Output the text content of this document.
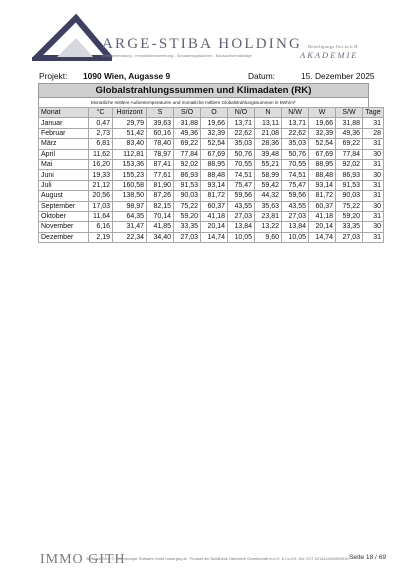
ARGE-STIBA HOLDING Beteiligungs Ges.m.b.H.
Energieberatung - Immobilienbewertung - Schadensgutachten - Bausachverständige	AKADEMIE
Projekt: 1090 Wien, Augasse 9	Datum:	15. Dezember 2025
Globalstrahlungssummen und Klimadaten (RK)
Monatliche mittlere Außentemperaturen und monatliche mittlere Globalstrahlungssummen in kWh/m²
Monat	°C	Horizont	S	S/O	O	N/O	N	N/W	W	S/W	Tage
Januar	0,47	29,79	39,63	31,88	19,66	13,71	13,11	13,71	19,66	31,88	31
Februar	2,73	51,42	60,16	49,36	32,39	22,62	21,08	22,62	32,39	49,36	28
März	6,81	83,40	78,40	69,22	52,54	35,03	28,36	35,03	52,54	69,22	31
April	11,62	112,81	78,97	77,84	67,69	50,76	39,48	50,76	67,69	77,84	30
Mai	16,20	153,36	87,41	92,02	88,95	70,55	55,21	70,55	88,95	92,02	31
Juni	19,33	155,23	77,61	86,93	88,48	74,51	58,99	74,51	88,48	86,93	30
Juli	21,12	160,58	81,90	91,53	93,14	75,47	59,42	75,47	93,14	91,53	31
August	20,56	138,50	87,26	90,03	81,72	59,56	44,32	59,56	81,72	90,03	31
September	17,03	98,97	82,15	75,22	60,37	43,55	35,63	43,55	60,37	75,22	30
Oktober	11,64	64,35	70,14	59,20	41,18	27,03	23,81	27,03	41,18	59,20	31
November	6,16	31,47	41,85	33,35	20,14	13,84	13,22	13,84	20,14	33,35	30
Dezember	2,19	22,34	34,40	27,03	14,74	10,05	9,60	10,05	14,74	27,03	31
IMMO GITH
Software GEQ © Zehentmayer Software GmbH www.geq.at · Produkt der BuildDesk Österreich Gesellschaft m.b.H. & Co.KG, Snr. ECT-2018112600009316 Seite 18 / 69
